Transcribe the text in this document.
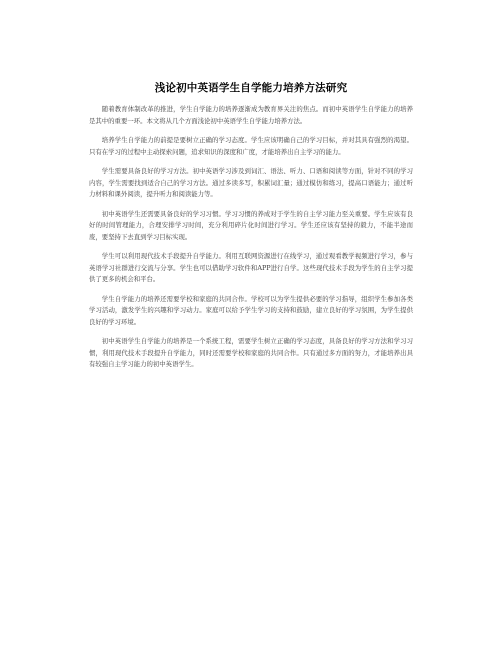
浅论初中英语学生自学能力培养方法研究

随着教育体制改革的推进，学生自学能力的培养逐渐成为教育界关注的焦点。而初中英语学生自学能力的培养是其中的重要一环。本文将从几个方面浅论初中英语学生自学能力培养方法。

培养学生自学能力的前提是要树立正确的学习态度。学生应该明确自己的学习目标，并对其具有强烈的渴望。只有在学习的过程中主动探索问题，追求知识的深度和广度，才能培养出自主学习的能力。

学生需要具备良好的学习方法。初中英语学习涉及到词汇、语法、听力、口语和阅读等方面，针对不同的学习内容，学生需要找到适合自己的学习方法。通过多读多写，积累词汇量；通过模仿和练习，提高口语能力；通过听力材料和课外阅读，提升听力和阅读能力等。

初中英语学生还需要具备良好的学习习惯。学习习惯的养成对于学生的自主学习能力至关重要。学生应该有良好的时间管理能力，合理安排学习时间，充分利用碎片化时间进行学习。学生还应该有坚持的毅力，不能半途而废，要坚持下去直到学习目标实现。

学生可以利用现代技术手段提升自学能力。利用互联网资源进行在线学习，通过观看教学视频进行学习，参与英语学习社群进行交流与分享。学生也可以借助学习软件和APP进行自学。这些现代技术手段为学生的自主学习提供了更多的机会和平台。

学生自学能力的培养还需要学校和家庭的共同合作。学校可以为学生提供必要的学习指导，组织学生参加各类学习活动，激发学生的兴趣和学习动力。家庭可以给予学生学习的支持和鼓励，建立良好的学习氛围，为学生提供良好的学习环境。

初中英语学生自学能力的培养是一个系统工程，需要学生树立正确的学习态度，具备良好的学习方法和学习习惯，利用现代技术手段提升自学能力，同时还需要学校和家庭的共同合作。只有通过多方面的努力，才能培养出具有较强自主学习能力的初中英语学生。
